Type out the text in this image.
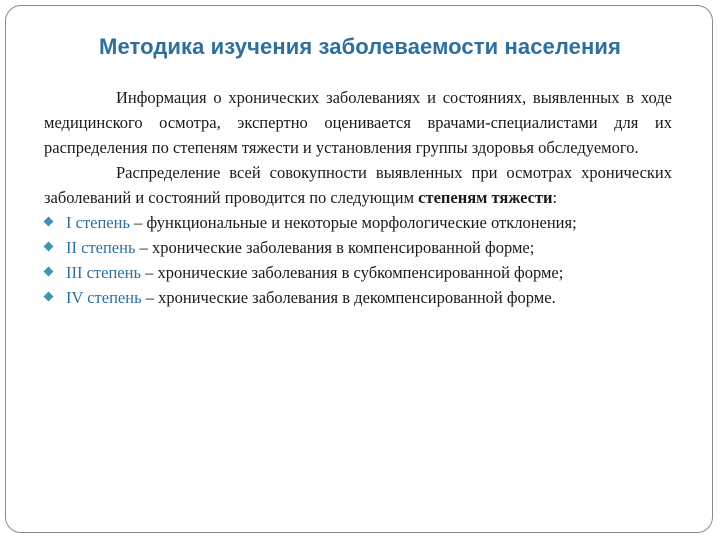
Методика изучения заболеваемости населения

Информация о хронических заболеваниях и состояниях, выявленных в ходе медицинского осмотра, экспертно оценивается врачами-специалистами для их распределения по степеням тяжести и установления группы здоровья обследуемого.

Распределение всей совокупности выявленных при осмотрах хронических заболеваний и состояний проводится по следующим степеням тяжести:

I степень – функциональные и некоторые морфологические отклонения;
II степень – хронические заболевания в компенсированной форме;
III степень – хронические заболевания в субкомпенсированной форме;
IV степень – хронические заболевания в декомпенсированной форме.
